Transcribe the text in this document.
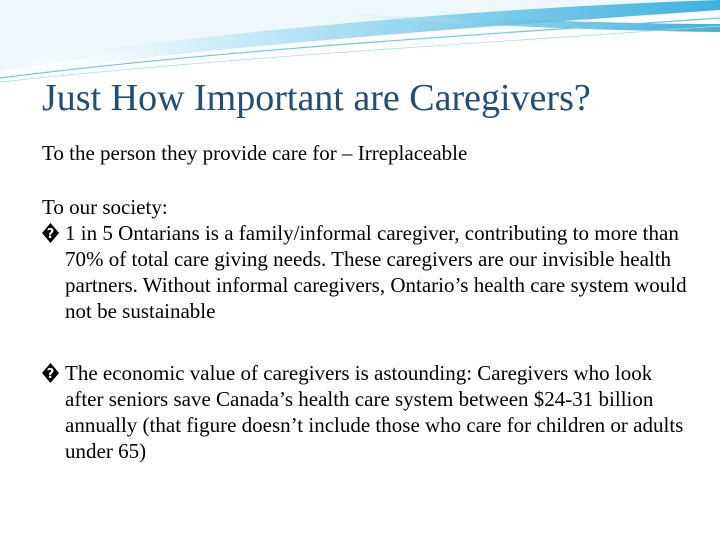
Just How Important are Caregivers?

To the person they provide care for – Irreplaceable

To our society:

? 1 in 5 Ontarians is a family/informal caregiver, contributing to more than 70% of total care giving needs. These caregivers are our invisible health partners. Without informal caregivers, Ontario’s health care system would not be sustainable
? The economic value of caregivers is astounding: Caregivers who look after seniors save Canada’s health care system between $24-31 billion annually (that figure doesn’t include those who care for children or adults under 65)
